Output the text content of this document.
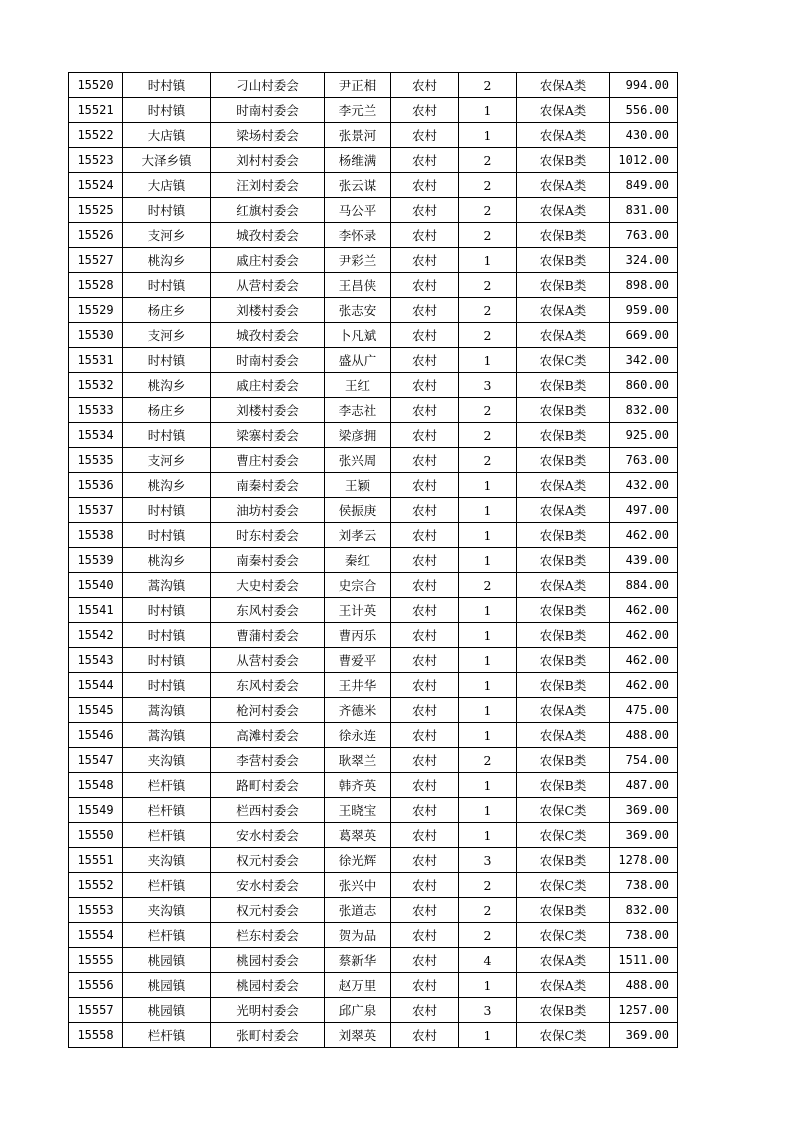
15520	时村镇	刁山村委会	尹正相	农村	2	农保A类	994.00
15521	时村镇	时南村委会	李元兰	农村	1	农保A类	556.00
15522	大店镇	梁场村委会	张景河	农村	1	农保A类	430.00
15523	大泽乡镇	刘村村委会	杨维满	农村	2	农保B类	1012.00
15524	大店镇	汪刘村委会	张云谋	农村	2	农保A类	849.00
15525	时村镇	红旗村委会	马公平	农村	2	农保A类	831.00
15526	支河乡	城孜村委会	李怀录	农村	2	农保B类	763.00
15527	桃沟乡	戚庄村委会	尹彩兰	农村	1	农保B类	324.00
15528	时村镇	从营村委会	王昌侠	农村	2	农保B类	898.00
15529	杨庄乡	刘楼村委会	张志安	农村	2	农保A类	959.00
15530	支河乡	城孜村委会	卜凡斌	农村	2	农保A类	669.00
15531	时村镇	时南村委会	盛从广	农村	1	农保C类	342.00
15532	桃沟乡	戚庄村委会	王红	农村	3	农保B类	860.00
15533	杨庄乡	刘楼村委会	李志社	农村	2	农保B类	832.00
15534	时村镇	梁寨村委会	梁彦拥	农村	2	农保B类	925.00
15535	支河乡	曹庄村委会	张兴周	农村	2	农保B类	763.00
15536	桃沟乡	南秦村委会	王颖	农村	1	农保A类	432.00
15537	时村镇	油坊村委会	侯振庚	农村	1	农保A类	497.00
15538	时村镇	时东村委会	刘孝云	农村	1	农保B类	462.00
15539	桃沟乡	南秦村委会	秦红	农村	1	农保B类	439.00
15540	蒿沟镇	大史村委会	史宗合	农村	2	农保A类	884.00
15541	时村镇	东风村委会	王计英	农村	1	农保B类	462.00
15542	时村镇	曹蒲村委会	曹丙乐	农村	1	农保B类	462.00
15543	时村镇	从营村委会	曹爱平	农村	1	农保B类	462.00
15544	时村镇	东风村委会	王井华	农村	1	农保B类	462.00
15545	蒿沟镇	枪河村委会	齐德米	农村	1	农保A类	475.00
15546	蒿沟镇	高滩村委会	徐永连	农村	1	农保A类	488.00
15547	夹沟镇	李营村委会	耿翠兰	农村	2	农保B类	754.00
15548	栏杆镇	路町村委会	韩齐英	农村	1	农保B类	487.00
15549	栏杆镇	栏西村委会	王晓宝	农村	1	农保C类	369.00
15550	栏杆镇	安水村委会	葛翠英	农村	1	农保C类	369.00
15551	夹沟镇	权元村委会	徐光辉	农村	3	农保B类	1278.00
15552	栏杆镇	安水村委会	张兴中	农村	2	农保C类	738.00
15553	夹沟镇	权元村委会	张道志	农村	2	农保B类	832.00
15554	栏杆镇	栏东村委会	贺为品	农村	2	农保C类	738.00
15555	桃园镇	桃园村委会	蔡新华	农村	4	农保A类	1511.00
15556	桃园镇	桃园村委会	赵万里	农村	1	农保A类	488.00
15557	桃园镇	光明村委会	邱广泉	农村	3	农保B类	1257.00
15558	栏杆镇	张町村委会	刘翠英	农村	1	农保C类	369.00
